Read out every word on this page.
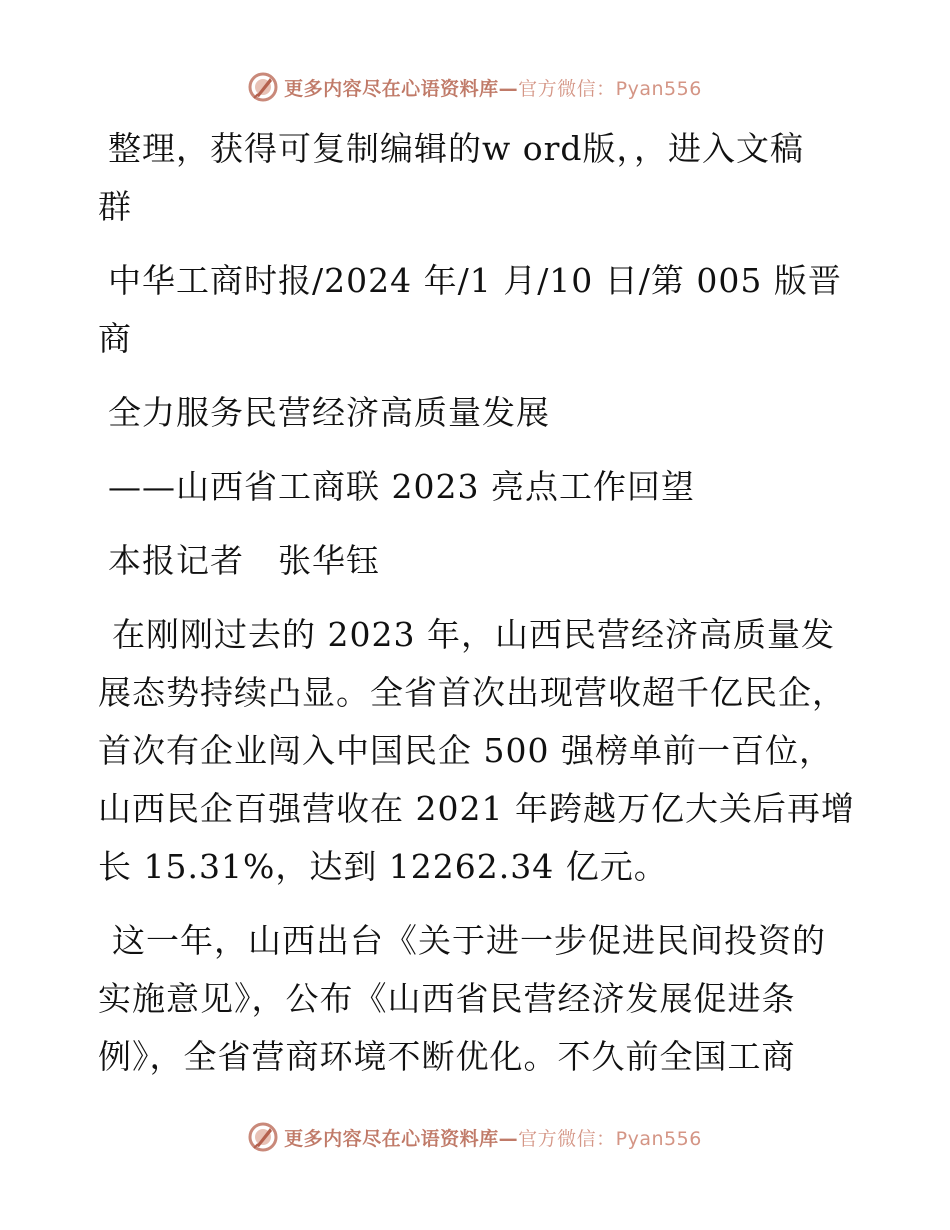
更多内容尽在心语资料库—官方微信：Pyan556
整理，获得可复制编辑的w ord版，，进入文稿
群
中华工商时报/2024 年/1 月/10 日/第 005 版晋
商
全力服务民营经济高质量发展
——山西省工商联 2023 亮点工作回望
本报记者　张华钰
在刚刚过去的 2023 年，山西民营经济高质量发
展态势持续凸显。全省首次出现营收超千亿民企，
首次有企业闯入中国民企 500 强榜单前一百位，
山西民企百强营收在 2021 年跨越万亿大关后再增
长 15.31%，达到 12262.34 亿元。
这一年，山西出台《关于进一步促进民间投资的
实施意见》，公布《山西省民营经济发展促进条
例》，全省营商环境不断优化。不久前全国工商
更多内容尽在心语资料库—官方微信：Pyan556
